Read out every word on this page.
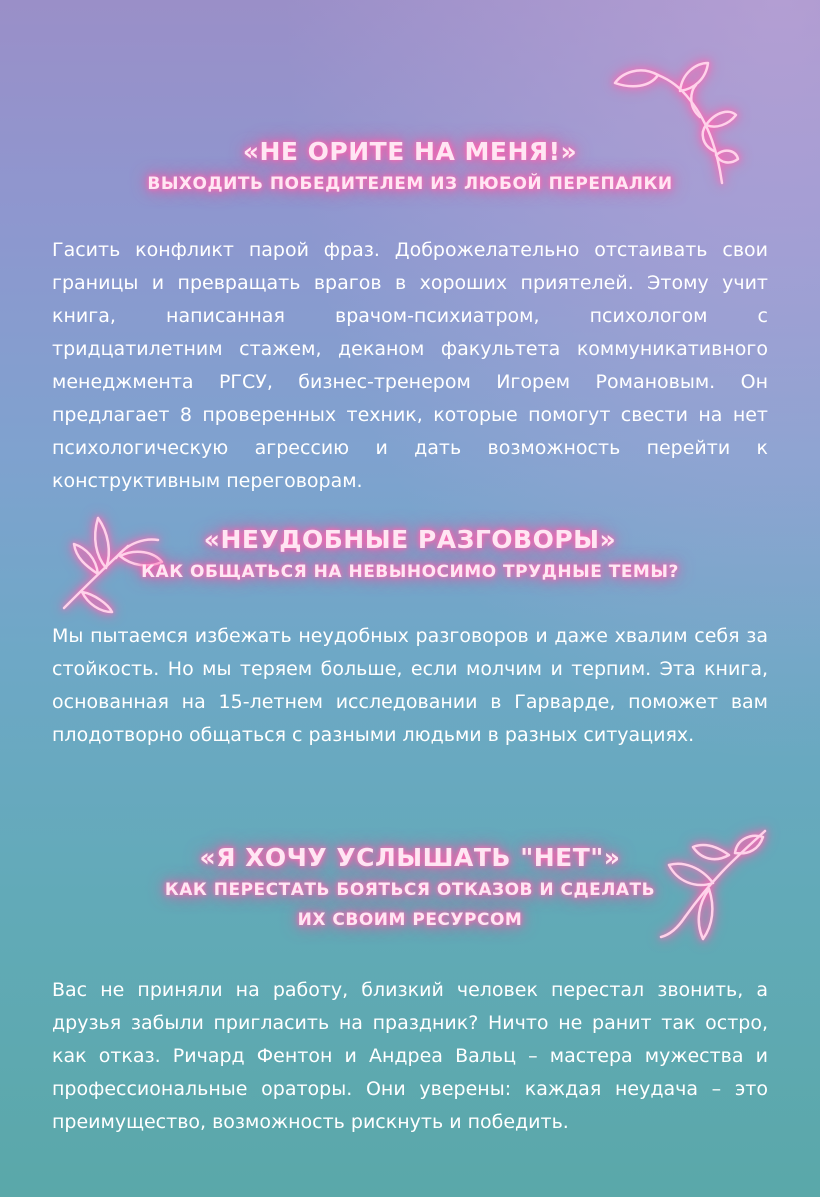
«НЕ ОРИТЕ НА МЕНЯ!»
ВЫХОДИТЬ ПОБЕДИТЕЛЕМ ИЗ ЛЮБОЙ ПЕРЕПАЛКИ
Гасить конфликт парой фраз. Доброжелательно отстаивать свои границы и превращать врагов в хороших приятелей. Этому учит книга, написанная врачом-психиатром, психологом с тридцатилетним стажем, деканом факультета коммуникативного менеджмента РГСУ, бизнес-тренером Игорем Романовым. Он предлагает 8 проверенных техник, которые помогут свести на нет психологическую агрессию и дать возможность перейти к конструктивным переговорам.
«НЕУДОБНЫЕ РАЗГОВОРЫ»
КАК ОБЩАТЬСЯ НА НЕВЫНОСИМО ТРУДНЫЕ ТЕМЫ?
Мы пытаемся избежать неудобных разговоров и даже хвалим себя за стойкость. Но мы теряем больше, если молчим и терпим. Эта книга, основанная на 15-летнем исследовании в Гарварде, поможет вам плодотворно общаться с разными людьми в разных ситуациях.
«Я ХОЧУ УСЛЫШАТЬ "НЕТ"»
КАК ПЕРЕСТАТЬ БОЯТЬСЯ ОТКАЗОВ И СДЕЛАТЬ
ИХ СВОИМ РЕСУРСОМ
Вас не приняли на работу, близкий человек перестал звонить, а друзья забыли пригласить на праздник? Ничто не ранит так остро, как отказ. Ричард Фентон и Андреа Вальц – мастера мужества и профессиональные ораторы. Они уверены: каждая неудача – это преимущество, возможность рискнуть и победить.
